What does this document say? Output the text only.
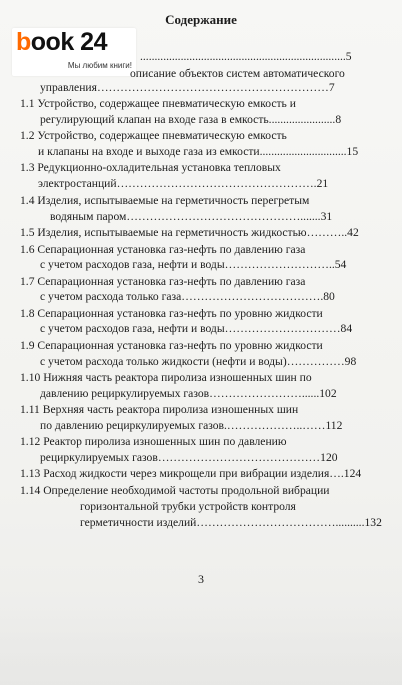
Содержание
book 24
Мы любим книги!
.......................................................................5
описание объектов систем автоматического
управления……………………………………………………7
1.1 Устройство, содержащее пневматическую емкость и
регулирующий клапан на входе газа в емкость.......................8
1.2 Устройство, содержащее пневматическую емкость
и клапаны на входе и выходе газа из емкости..............................15
1.3 Редукционно-охладительная установка тепловых
электростанций…………………………………………….21
1.4 Изделия, испытываемые на герметичность перегретым
водяным паром……………………………………….......31
1.5 Изделия, испытываемые на герметичность жидкостью………..42
1.6 Сепарационная установка газ-нефть по давлению газа
с учетом расходов газа, нефти и воды………………………..54
1.7 Сепарационная установка газ-нефть по давлению газа
с учетом расхода только газа……………………………….80
1.8 Сепарационная установка газ-нефть по уровню жидкости
с учетом расходов газа, нефти и воды…………………………84
1.9 Сепарационная установка газ-нефть по уровню жидкости
с учетом расхода только жидкости (нефти и воды)……………98
1.10 Нижняя часть реактора пиролиза изношенных шин по
давлению рециркулируемых газов……………………......102
1.11 Верхняя часть реактора пиролиза изношенных шин
по давлению рециркулируемых газов.………………..……112
1.12 Реактор пиролиза изношенных шин по давлению
рециркулируемых газов……………………………………120
1.13 Расход жидкости через микрощели при вибрации изделия….124
1.14 Определение необходимой частоты продольной вибрации
горизонтальной трубки устройств контроля
герметичности изделий………………………………..........132
3
